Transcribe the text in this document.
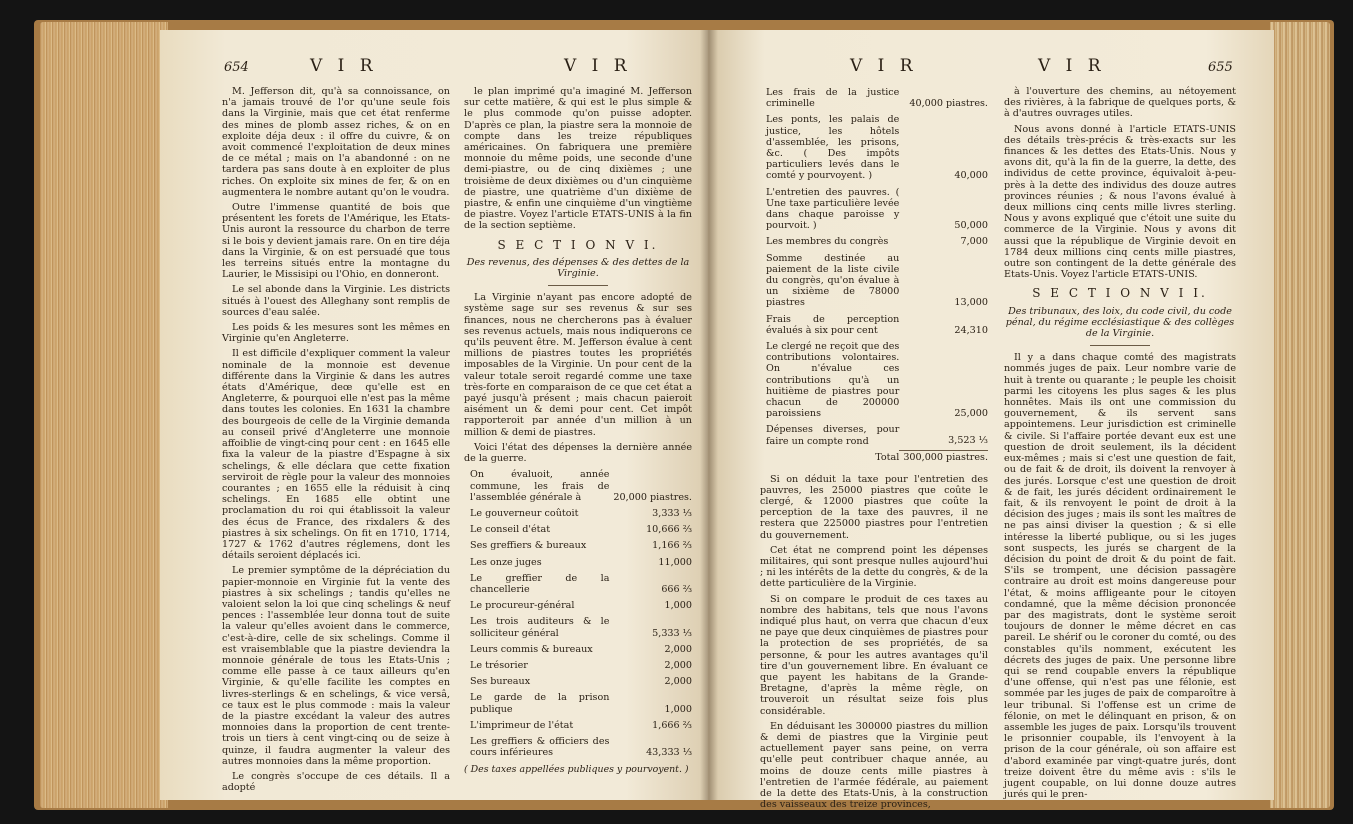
654	V I R	V I R

M. Jefferson dit, qu'à sa connoissance, on n'a jamais trouvé de l'or qu'une seule fois dans la Virginie, mais que cet état renferme des mines de plomb assez riches, & on en exploite déja deux : il offre du cuivre, & on avoit commencé l'exploitation de deux mines de ce métal ; mais on l'a abandonné : on ne tardera pas sans doute à en exploiter de plus riches. On exploite six mines de fer, & on en augmentera le nombre autant qu'on le voudra.

Outre l'immense quantité de bois que présentent les forets de l'Amérique, les Etats-Unis auront la ressource du charbon de terre si le bois y devient jamais rare. On en tire déja dans la Virginie, & on est persuadé que tous les terreins situés entre la montagne du Laurier, le Missisipi ou l'Ohio, en donneront.

Le sel abonde dans la Virginie. Les districts situés à l'ouest des Alleghany sont remplis de sources d'eau salée.

Les poids & les mesures sont les mêmes en Virginie qu'en Angleterre.

Il est difficile d'expliquer comment la valeur nominale de la monnoie est devenue différente dans la Virginie & dans les autres états d'Amérique, deœ qu'elle est en Angleterre, & pourquoi elle n'est pas la même dans toutes les colonies. En 1631 la chambre des bourgeois de celle de la Virginie demanda au conseil privé d'Angleterre une monnoie affoiblie de vingt-cinq pour cent : en 1645 elle fixa la valeur de la piastre d'Espagne à six schelings, & elle déclara que cette fixation serviroit de règle pour la valeur des monnoies courantes ; en 1655 elle la réduisit à cinq schelings. En 1685 elle obtint une proclamation du roi qui établissoit la valeur des écus de France, des rixdalers & des piastres à six schelings. On fit en 1710, 1714, 1727 & 1762 d'autres réglemens, dont les détails seroient déplacés ici.

Le premier symptôme de la dépréciation du papier-monnoie en Virginie fut la vente des piastres à six schelings ; tandis qu'elles ne valoient selon la loi que cinq schelings & neuf pences : l'assemblée leur donna tout de suite la valeur qu'elles avoient dans le commerce, c'est-à-dire, celle de six schelings. Comme il est vraisemblable que la piastre deviendra la monnoie générale de tous les Etats-Unis ; comme elle passe à ce taux ailleurs qu'en Virginie, & qu'elle facilite les comptes en livres-sterlings & en schelings, & vice versâ, ce taux est le plus commode : mais la valeur de la piastre excédant la valeur des autres monnoies dans la proportion de cent trente-trois un tiers à cent vingt-cinq ou de seize à quinze, il faudra augmenter la valeur des autres monnoies dans la même proportion.

Le congrès s'occupe de ces détails. Il a adopté

le plan imprimé qu'a imaginé M. Jefferson sur cette matière, & qui est le plus simple & le plus commode qu'on puisse adopter. D'après ce plan, la piastre sera la monnoie de compte dans les treize républiques américaines. On fabriquera une première monnoie du même poids, une seconde d'une demi-piastre, ou de cinq dixièmes ; une troisième de deux dixièmes ou d'un cinquième de piastre, une quatrième d'un dixième de piastre, & enfin une cinquième d'un vingtième de piastre. Voyez l'article ETATS-UNIS à la fin de la section septième.

S E C T I O N V I.
Des revenus, des dépenses & des dettes de la Virginie.

La Virginie n'ayant pas encore adopté de système sage sur ses revenus & sur ses finances, nous ne chercherons pas à évaluer ses revenus actuels, mais nous indiquerons ce qu'ils peuvent être. M. Jefferson évalue à cent millions de piastres toutes les propriétés imposables de la Virginie. Un pour cent de la valeur totale seroit regardé comme une taxe très-forte en comparaison de ce que cet état a payé jusqu'à présent ; mais chacun paieroit aisément un & demi pour cent. Cet impôt rapporteroit par année d'un million à un million & demi de piastres.

Voici l'état des dépenses la dernière année de la guerre.

On évaluoit, année commune, les frais de l'assemblée générale à	20,000 piastres.
Le gouverneur coûtoit	3,333 ⅓
Le conseil d'état	10,666 ⅔
Ses greffiers & bureaux	1,166 ⅔
Les onze juges	11,000
Le greffier de la chancellerie	666 ⅔
Le procureur-général	1,000
Les trois auditeurs & le solliciteur général	5,333 ⅓
Leurs commis & bureaux	2,000
Le trésorier	2,000
Ses bureaux	2,000
Le garde de la prison publique	1,000
L'imprimeur de l'état	1,666 ⅔
Les greffiers & officiers des cours inférieures	43,333 ⅓
( Des taxes appellées publiques y pourvoyent. )
V I R	V I R	655
Les frais de la justice criminelle	40,000 piastres.
Les ponts, les palais de justice, les hôtels d'assemblée, les prisons, &c. ( Des impôts particuliers levés dans le comté y pourvoyent. )	40,000
L'entretien des pauvres. ( Une taxe particulière levée dans chaque paroisse y pourvoit. )	50,000
Les membres du congrès	7,000
Somme destinée au paiement de la liste civile du congrès, qu'on évalue à un sixième de 78000 piastres	13,000
Frais de perception évalués à six pour cent	24,310
Le clergé ne reçoit que des contributions volontaires. On n'évalue ces contributions qu'à un huitième de piastres pour chacun de 200000 paroissiens	25,000
Dépenses diverses, pour faire un compte rond	3,523 ⅓
Total	300,000 piastres.

Si on déduit la taxe pour l'entretien des pauvres, les 25000 piastres que coûte le clergé, & 12000 piastres que coûte la perception de la taxe des pauvres, il ne restera que 225000 piastres pour l'entretien du gouvernement.

Cet état ne comprend point les dépenses militaires, qui sont presque nulles aujourd'hui ; ni les intérêts de la dette du congrès, & de la dette particulière de la Virginie.

Si on compare le produit de ces taxes au nombre des habitans, tels que nous l'avons indiqué plus haut, on verra que chacun d'eux ne paye que deux cinquièmes de piastres pour la protection de ses propriétés, de sa personne, & pour les autres avantages qu'il tire d'un gouvernement libre. En évaluant ce que payent les habitans de la Grande-Bretagne, d'après la même règle, on trouveroit un résultat seize fois plus considérable.

En déduisant les 300000 piastres du million & demi de piastres que la Virginie peut actuellement payer sans peine, on verra qu'elle peut contribuer chaque année, au moins de douze cents mille piastres à l'entretien de l'armée fédérale, au paiement de la dette des Etats-Unis, à la construction des vaisseaux des treize provinces,

à l'ouverture des chemins, au nétoyement des rivières, à la fabrique de quelques ports, & à d'autres ouvrages utiles.

Nous avons donné à l'article ETATS-UNIS des détails très-précis & très-exacts sur les finances & les dettes des Etats-Unis. Nous y avons dit, qu'à la fin de la guerre, la dette, des individus de cette province, équivaloit à-peu-près à la dette des individus des douze autres provinces réunies ; & nous l'avons évalué à deux millions cinq cents mille livres sterling. Nous y avons expliqué que c'étoit une suite du commerce de la Virginie. Nous y avons dit aussi que la république de Virginie devoit en 1784 deux millions cinq cents mille piastres, outre son contingent de la dette générale des Etats-Unis. Voyez l'article ETATS-UNIS.

S E C T I O N V I I.
Des tribunaux, des loix, du code civil, du code pénal, du régime ecclésiastique & des collèges de la Virginie.

Il y a dans chaque comté des magistrats nommés juges de paix. Leur nombre varie de huit à trente ou quarante ; le peuple les choisit parmi les citoyens les plus sages & les plus honnêtes. Mais ils ont une commission du gouvernement, & ils servent sans appointemens. Leur jurisdiction est criminelle & civile. Si l'affaire portée devant eux est une question de droit seulement, ils la décident eux-mêmes ; mais si c'est une question de fait, ou de fait & de droit, ils doivent la renvoyer à des jurés. Lorsque c'est une question de droit & de fait, les jurés décident ordinairement le fait, & ils renvoyent le point de droit à la décision des juges ; mais ils sont les maîtres de ne pas ainsi diviser la question ; & si elle intéresse la liberté publique, ou si les juges sont suspects, les jurés se chargent de la décision du point de droit & du point de fait. S'ils se trompent, une décision passagère contraire au droit est moins dangereuse pour l'état, & moins affligeante pour le citoyen condamné, que la même décision prononcée par des magistrats, dont le système seroit toujours de donner le même décret en cas pareil. Le shérif ou le coroner du comté, ou des constables qu'ils nomment, exécutent les décrets des juges de paix. Une personne libre qui se rend coupable envers la république d'une offense, qui n'est pas une félonie, est sommée par les juges de paix de comparoître à leur tribunal. Si l'offense est un crime de félonie, on met le délinquant en prison, & on assemble les juges de paix. Lorsqu'ils trouvent le prisonnier coupable, ils l'envoyent à la prison de la cour générale, où son affaire est d'abord examinée par vingt-quatre jurés, dont treize doivent être du même avis : s'ils le jugent coupable, on lui donne douze autres jurés qui le pren-
